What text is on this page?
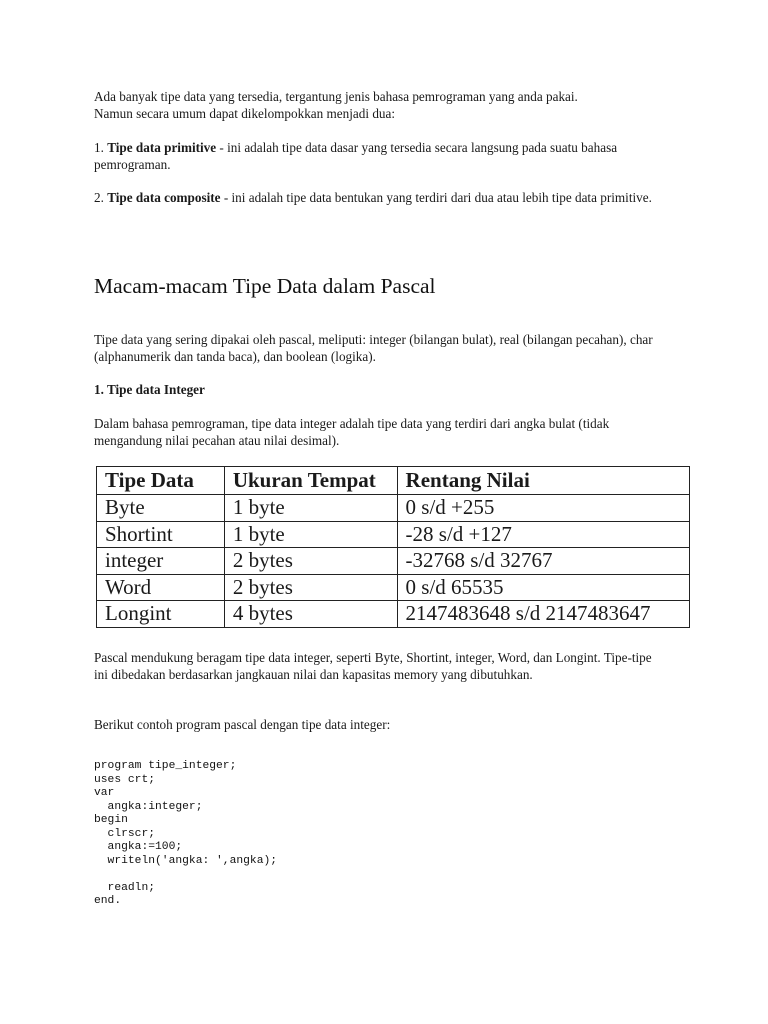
Ada banyak tipe data yang tersedia, tergantung jenis bahasa pemrograman yang anda pakai.
Namun secara umum dapat dikelompokkan menjadi dua:

1. Tipe data primitive - ini adalah tipe data dasar yang tersedia secara langsung pada suatu bahasa pemrograman.

2. Tipe data composite - ini adalah tipe data bentukan yang terdiri dari dua atau lebih tipe data primitive.

Macam-macam Tipe Data dalam Pascal

Tipe data yang sering dipakai oleh pascal, meliputi: integer (bilangan bulat), real (bilangan pecahan), char (alphanumerik dan tanda baca), dan boolean (logika).

1. Tipe data Integer

Dalam bahasa pemrograman, tipe data integer adalah tipe data yang terdiri dari angka bulat (tidak mengandung nilai pecahan atau nilai desimal).

Tipe Data	Ukuran Tempat	Rentang Nilai
Byte	1 byte	0 s/d +255
Shortint	1 byte	-28 s/d +127
integer	2 bytes	-32768 s/d 32767
Word	2 bytes	0 s/d 65535
Longint	4 bytes	2147483648 s/d 2147483647

Pascal mendukung beragam tipe data integer, seperti Byte, Shortint, integer, Word, dan Longint. Tipe-tipe ini dibedakan berdasarkan jangkauan nilai dan kapasitas memory yang dibutuhkan.

Berikut contoh program pascal dengan tipe data integer:

program tipe_integer;
uses crt;
var
angka:integer;
begin
clrscr;
angka:=100;
writeln('angka: ',angka);

readln;
end.
